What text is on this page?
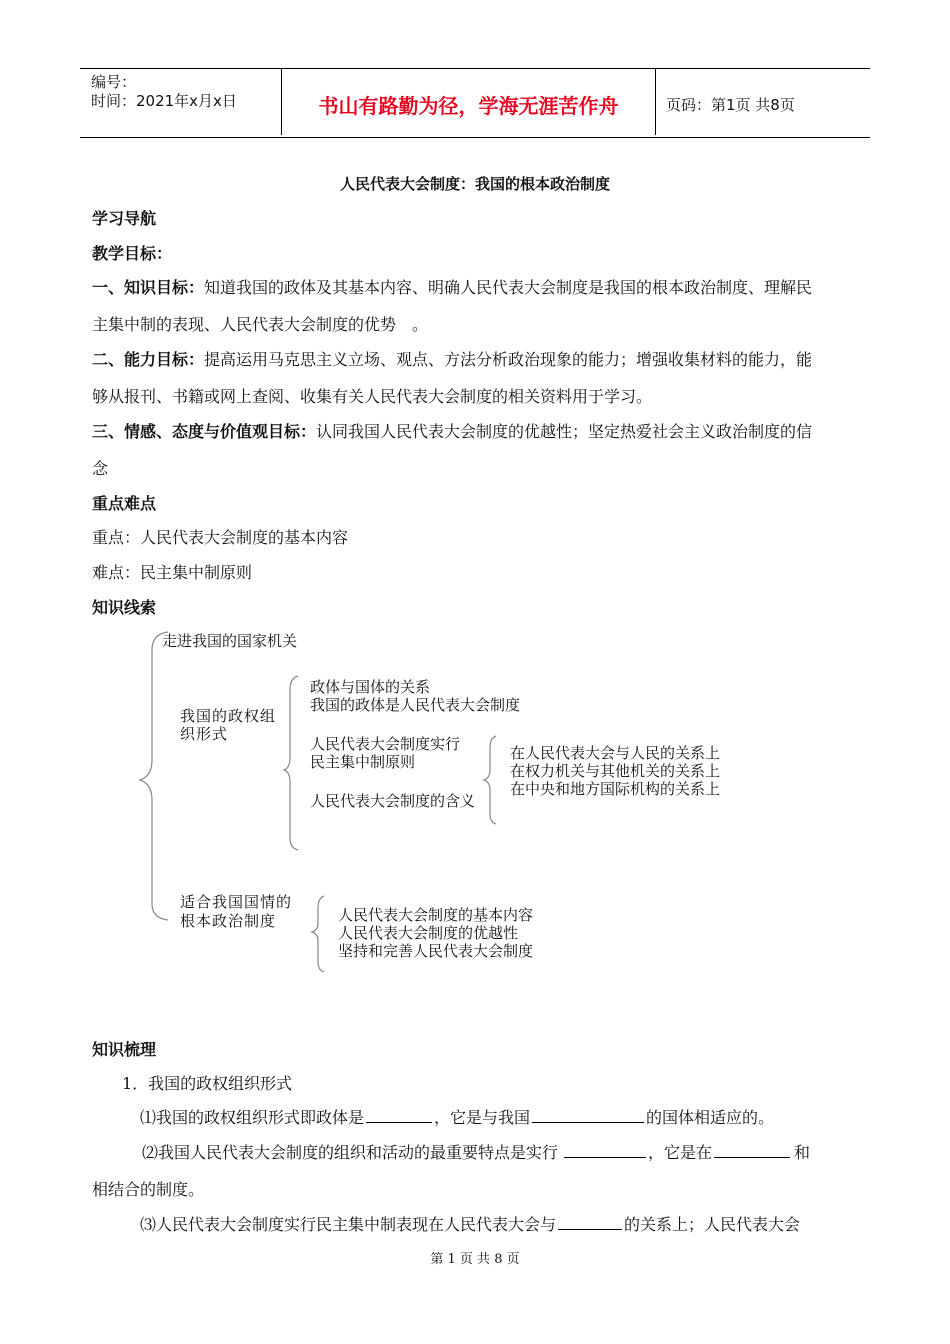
编号：
时间：2021年x月x日	书山有路勤为径，学海无涯苦作舟	页码：第1页 共8页
人民代表大会制度：我国的根本政治制度
学习导航
教学目标：
一、知识目标：知道我国的政体及其基本内容、明确人民代表大会制度是我国的根本政治制度、理解民
主集中制的表现、人民代表大会制度的优势　。
二、能力目标：提高运用马克思主义立场、观点、方法分析政治现象的能力；增强收集材料的能力，能
够从报刊、书籍或网上查阅、收集有关人民代表大会制度的相关资料用于学习。
三、情感、态度与价值观目标：认同我国人民代表大会制度的优越性；坚定热爱社会主义政治制度的信
念
重点难点
重点：人民代表大会制度的基本内容
难点：民主集中制原则
知识线索
走进我国的国家机关
我国的政权组
织形式
政体与国体的关系
我国的政体是人民代表大会制度
人民代表大会制度实行
民主集中制原则
人民代表大会制度的含义
在人民代表大会与人民的关系上
在权力机关与其他机关的关系上
在中央和地方国际机构的关系上
适合我国国情的
根本政治制度	人民代表大会制度的基本内容
人民代表大会制度的优越性
坚持和完善人民代表大会制度
知识梳理
1．我国的政权组织形式
⑴我国的政权组织形式即政体是	，它是与我国	的国体相适应的。
⑵我国人民代表大会制度的组织和活动的最重要特点是实行	，它是在	和
相结合的制度。
⑶人民代表大会制度实行民主集中制表现在人民代表大会与	的关系上；人民代表大会
第 1 页 共 8 页
